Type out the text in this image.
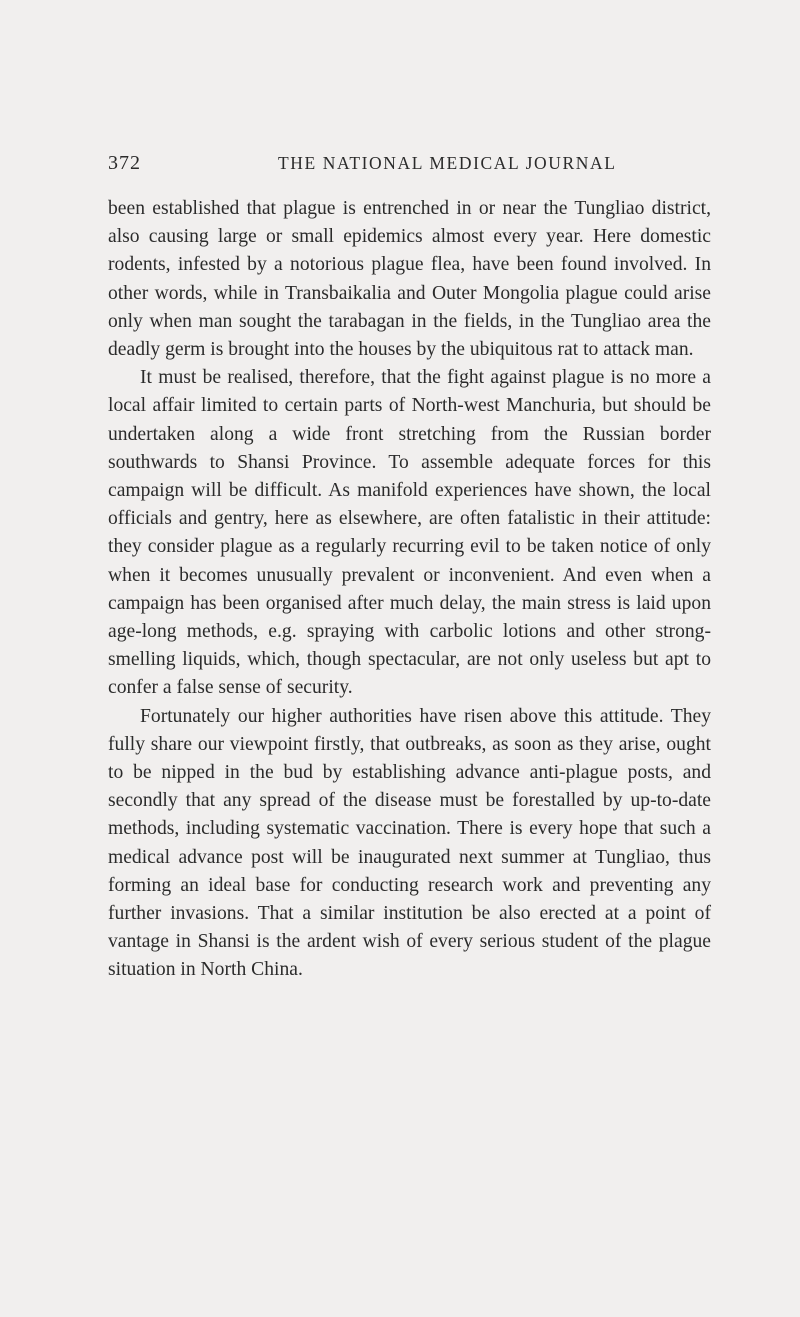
372	THE NATIONAL MEDICAL JOURNAL

been established that plague is entrenched in or near the Tungliao district, also causing large or small epidemics almost every year. Here domestic rodents, infested by a notorious plague flea, have been found involved. In other words, while in Transbaikalia and Outer Mongolia plague could arise only when man sought the tarabagan in the fields, in the Tungliao area the deadly germ is brought into the houses by the ubiquitous rat to attack man.

It must be realised, therefore, that the fight against plague is no more a local affair limited to certain parts of North-west Manchuria, but should be undertaken along a wide front stretching from the Russian border southwards to Shansi Province. To assemble adequate forces for this campaign will be difficult. As manifold experiences have shown, the local officials and gentry, here as elsewhere, are often fatalistic in their attitude: they consider plague as a regularly recurring evil to be taken notice of only when it becomes unusually prevalent or inconvenient. And even when a campaign has been organised after much delay, the main stress is laid upon age-long methods, e.g. spraying with carbolic lotions and other strong-smelling liquids, which, though spectacular, are not only useless but apt to confer a false sense of security.

Fortunately our higher authorities have risen above this attitude. They fully share our viewpoint firstly, that outbreaks, as soon as they arise, ought to be nipped in the bud by establishing advance anti-plague posts, and secondly that any spread of the disease must be forestalled by up-to-date methods, including systematic vaccination. There is every hope that such a medical advance post will be inaugurated next summer at Tungliao, thus forming an ideal base for conducting research work and preventing any further invasions. That a similar institution be also erected at a point of vantage in Shansi is the ardent wish of every serious student of the plague situation in North China.
